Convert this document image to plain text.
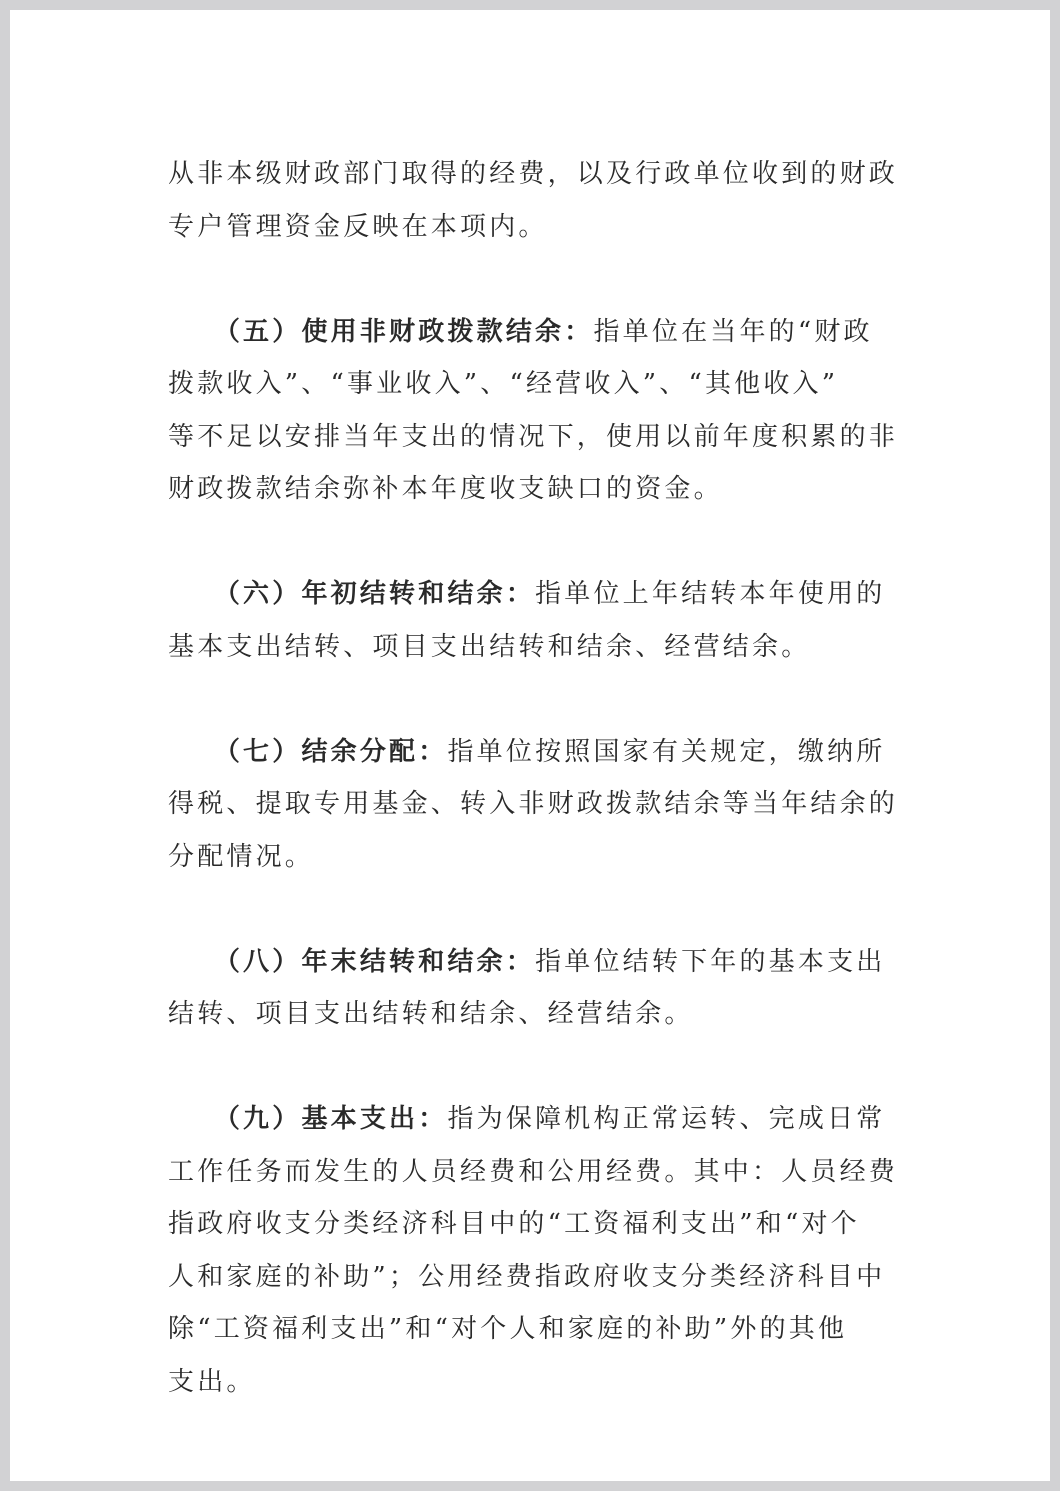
从非本级财政部门取得的经费，以及行政单位收到的财政

专户管理资金反映在本项内。

（五）使用非财政拨款结余：指单位在当年的“财政

拨款收入”、“事业收入”、“经营收入”、“其他收入”

等不足以安排当年支出的情况下，使用以前年度积累的非

财政拨款结余弥补本年度收支缺口的资金。

（六）年初结转和结余：指单位上年结转本年使用的

基本支出结转、项目支出结转和结余、经营结余。

（七）结余分配：指单位按照国家有关规定，缴纳所

得税、提取专用基金、转入非财政拨款结余等当年结余的

分配情况。

（八）年末结转和结余：指单位结转下年的基本支出

结转、项目支出结转和结余、经营结余。

（九）基本支出：指为保障机构正常运转、完成日常

工作任务而发生的人员经费和公用经费。其中：人员经费

指政府收支分类经济科目中的“工资福利支出”和“对个

人和家庭的补助”；公用经费指政府收支分类经济科目中

除“工资福利支出”和“对个人和家庭的补助”外的其他

支出。
